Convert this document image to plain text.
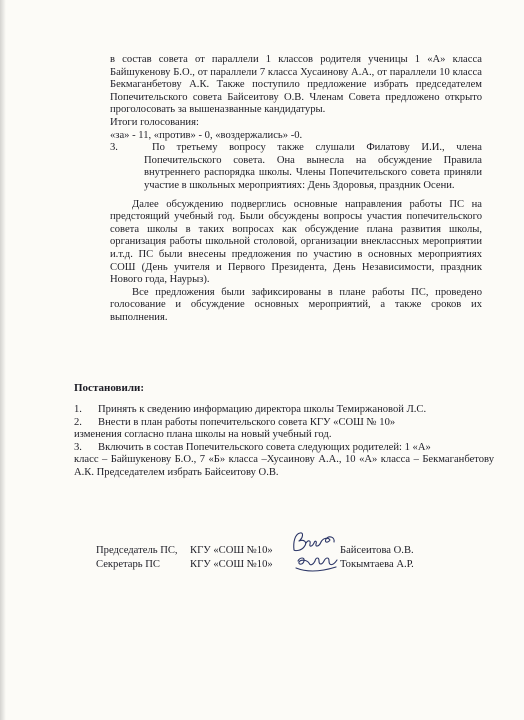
в состав совета от параллели 1 классов родителя ученицы 1 «А» класса Байшукенову Б.О., от параллели 7 класса Хусаинову А.А., от параллели 10 класса Бекмаганбетову А.К. Также поступило предложение избрать председателем Попечительского совета Байсеитову О.В. Членам Совета предложено открыто проголосовать за вышеназванные кандидатуры.

Итоги голосования:

«за» - 11, «против» - 0, «воздержались» -0.

3.	По третьему вопросу также слушали Филатову И.И., члена Попечительского совета. Она вынесла на обсуждение Правила внутреннего распорядка школы. Члены Попечительского совета приняли участие в школьных мероприятиях: День Здоровья, праздник Осени.

Далее обсуждению подверглись основные направления работы ПС на предстоящий учебный год. Были обсуждены вопросы участия попечительского совета школы в таких вопросах как обсуждение плана развития школы, организация работы школьной столовой, организации внеклассных мероприятии и.т.д. ПС были внесены предложения по участию в основных мероприятиях СОШ (День учителя и Первого Президента, День Независимости, праздник Нового года, Наурыз).

Все предложения были зафиксированы в плане работы ПС, проведено голосование и обсуждение основных мероприятий, а также сроков их выполнения.

Постановили:
1.	Принять к сведению информацию директора школы Темиржановой Л.С.
2.	Внести в план работы попечительского совета КГУ «СОШ № 10»
изменения согласно плана школы на новый учебный год.
3.	Включить в состав Попечительского совета следующих родителей: 1 «А»
класс – Байшукенову Б.О., 7 «Б» класса –Хусаинову А.А., 10 «А» класса – Бекмаганбетову А.К. Председателем избрать Байсеитову О.В.
Председатель ПС, КГУ «СОШ №10»	Байсеитова О.В.
Секретарь ПС	КГУ «СОШ №10»	Токымтаева А.Р.
